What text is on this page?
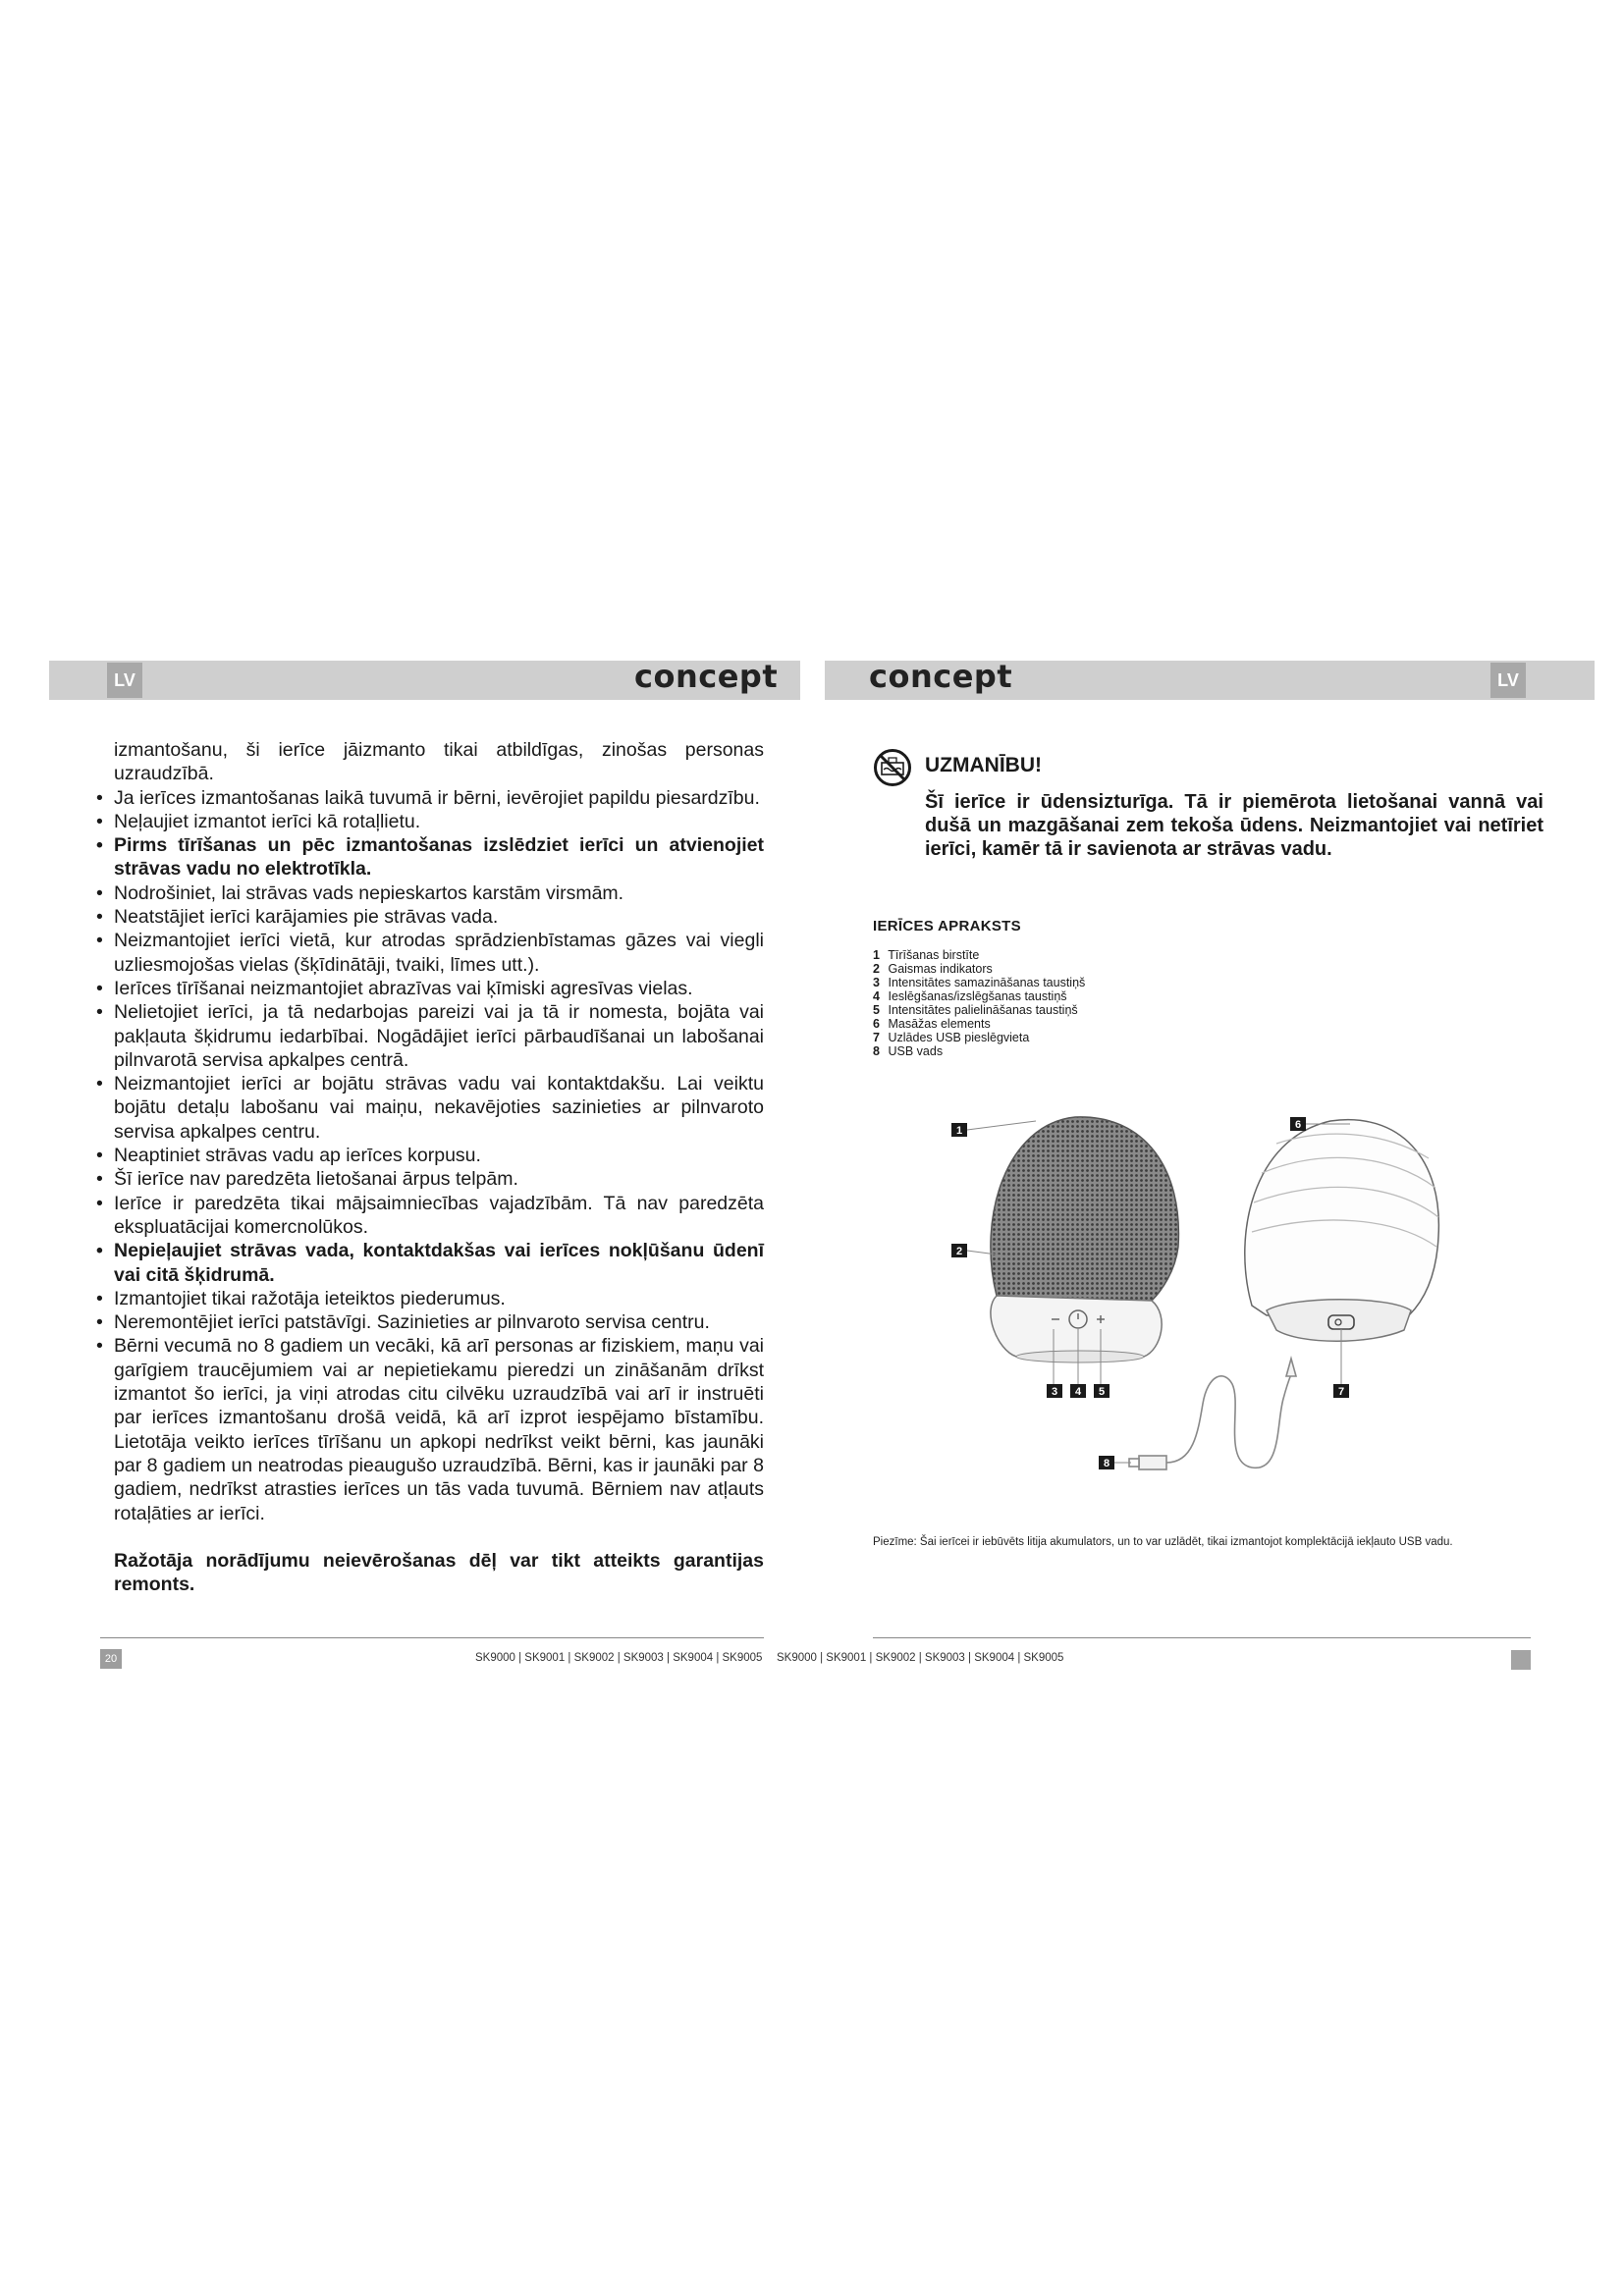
LV	LV
concept	concept

izmantošanu, ši ierīce jāizmanto tikai atbildīgas, zinošas personas uzraudzībā.

• Ja ierīces izmantošanas laikā tuvumā ir bērni, ievērojiet papildu piesardzību.
• Neļaujiet izmantot ierīci kā rotaļlietu.
• Pirms tīrīšanas un pēc izmantošanas izslēdziet ierīci un atvienojiet strāvas vadu no elektrotīkla.
• Nodrošiniet, lai strāvas vads nepieskartos karstām virsmām.
• Neatstājiet ierīci karājamies pie strāvas vada.
• Neizmantojiet ierīci vietā, kur atrodas sprādzienbīstamas gāzes vai viegli uzliesmojošas vielas (šķīdinātāji, tvaiki, līmes utt.).
• Ierīces tīrīšanai neizmantojiet abrazīvas vai ķīmiski agresīvas vielas.
• Nelietojiet ierīci, ja tā nedarbojas pareizi vai ja tā ir nomesta, bojāta vai pakļauta šķidrumu iedarbībai. Nogādājiet ierīci pārbaudīšanai un labošanai pilnvarotā servisa apkalpes centrā.
• Neizmantojiet ierīci ar bojātu strāvas vadu vai kontaktdakšu. Lai veiktu bojātu detaļu labošanu vai maiņu, nekavējoties sazinieties ar pilnvaroto servisa apkalpes centru.
• Neaptiniet strāvas vadu ap ierīces korpusu.
• Šī ierīce nav paredzēta lietošanai ārpus telpām.
• Ierīce ir paredzēta tikai mājsaimniecības vajadzībām. Tā nav paredzēta ekspluatācijai komercnolūkos.
• Nepieļaujiet strāvas vada, kontaktdakšas vai ierīces nokļūšanu ūdenī vai citā šķidrumā.
• Izmantojiet tikai ražotāja ieteiktos piederumus.
• Neremontējiet ierīci patstāvīgi. Sazinieties ar pilnvaroto servisa centru.
• Bērni vecumā no 8 gadiem un vecāki, kā arī personas ar fiziskiem, maņu vai garīgiem traucējumiem vai ar nepietiekamu pieredzi un zināšanām drīkst izmantot šo ierīci, ja viņi atrodas citu cilvēku uzraudzībā vai arī ir instruēti par ierīces izmantošanu drošā veidā, kā arī izprot iespējamo bīstamību. Lietotāja veikto ierīces tīrīšanu un apkopi nedrīkst veikt bērni, kas jaunāki par 8 gadiem un neatrodas pieaugušo uzraudzībā. Bērni, kas ir jaunāki par 8 gadiem, nedrīkst atrasties ierīces un tās vada tuvumā. Bērniem nav atļauts rotaļāties ar ierīci.

Ražotāja norādījumu neievērošanas dēļ var tikt atteikts garantijas remonts.

UZMANĪBU!
Šī ierīce ir ūdensizturīga. Tā ir piemērota lietošanai vannā vai dušā un mazgāšanai zem tekoša ūdens. Neizmantojiet vai netīriet ierīci, kamēr tā ir savienota ar strāvas vadu.
IERĪCES APRAKSTS
1 Tīrīšanas birstīte
2 Gaismas indikators
3 Intensitātes samazināšanas taustiņš
4 Ieslēgšanas/izslēgšanas taustiņš
5 Intensitātes palielināšanas taustiņš
6 Masāžas elements
7 Uzlādes USB pieslēgvieta
8 USB vads
1
2
3 4 5
6
7
8
Piezīme: Šai ierīcei ir iebūvēts litija akumulators, un to var uzlādēt, tikai izmantojot komplektācijā iekļauto USB vadu.
20	SK9000 | SK9001 | SK9002 | SK9003 | SK9004 | SK9005 SK9000 | SK9001 | SK9002 | SK9003 | SK9004 | SK9005
